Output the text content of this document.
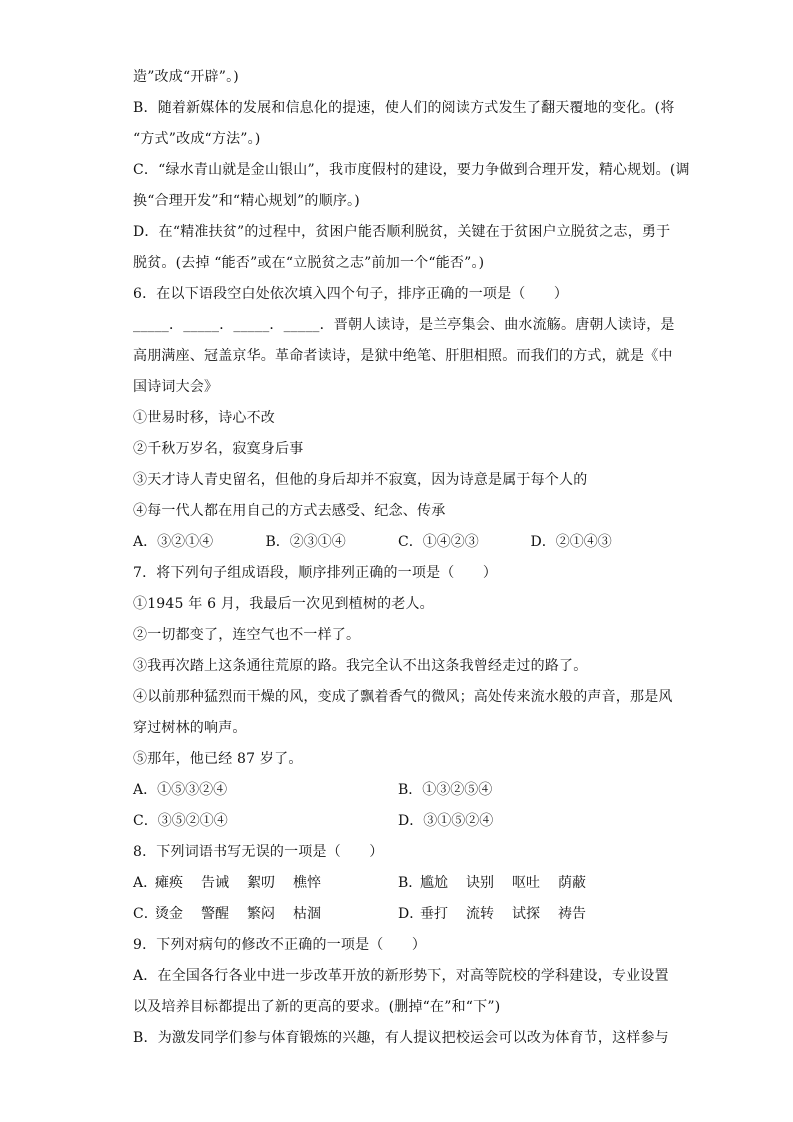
造”改成“开辟”。)
B．随着新媒体的发展和信息化的提速，使人们的阅读方式发生了翻天覆地的变化。(将
“方式”改成“方法”。)
C．“绿水青山就是金山银山”，我市度假村的建设，要力争做到合理开发，精心规划。(调
换“合理开发”和“精心规划”的顺序。)
D．在“精准扶贫”的过程中，贫困户能否顺利脱贫，关键在于贫困户立脱贫之志，勇于
脱贫。(去掉 “能否”或在“立脱贫之志”前加一个“能否”。)
6．在以下语段空白处依次填入四个句子，排序正确的一项是（　　）
_____．_____．_____．_____．晋朝人读诗，是兰亭集会、曲水流觞。唐朝人读诗，是
高朋满座、冠盖京华。革命者读诗，是狱中绝笔、肝胆相照。而我们的方式，就是《中
国诗词大会》
①世易时移，诗心不改
②千秋万岁名，寂寞身后事
③天才诗人青史留名，但他的身后却并不寂寞，因为诗意是属于每个人的
④每一代人都在用自己的方式去感受、纪念、传承
A．③②①④	B．②③①④	C．①④②③	D．②①④③
7．将下列句子组成语段，顺序排列正确的一项是（　　）
①1945 年 6 月，我最后一次见到植树的老人。
②一切都变了，连空气也不一样了。
③我再次踏上这条通往荒原的路。我完全认不出这条我曾经走过的路了。
④以前那种猛烈而干燥的风，变成了飘着香气的微风；高处传来流水般的声音，那是风
穿过树林的响声。
⑤那年，他已经 87 岁了。
A．①⑤③②④	B．①③②⑤④
C．③⑤②①④	D．③①⑤②④
8．下列词语书写无误的一项是（　　）
A．瘫痪 告诫 絮叨 樵悴	B．尴尬 诀别 呕吐 荫蔽
C．烫金 警醒 繁闷 枯涸	D．垂打 流转 试探 祷告
9．下列对病句的修改不正确的一项是（　　）
A．在全国各行各业中进一步改革开放的新形势下，对高等院校的学科建设，专业设置
以及培养目标都提出了新的更高的要求。(删掉“在”和“下”)
B．为激发同学们参与体育锻炼的兴趣，有人提议把校运会可以改为体育节，这样参与
